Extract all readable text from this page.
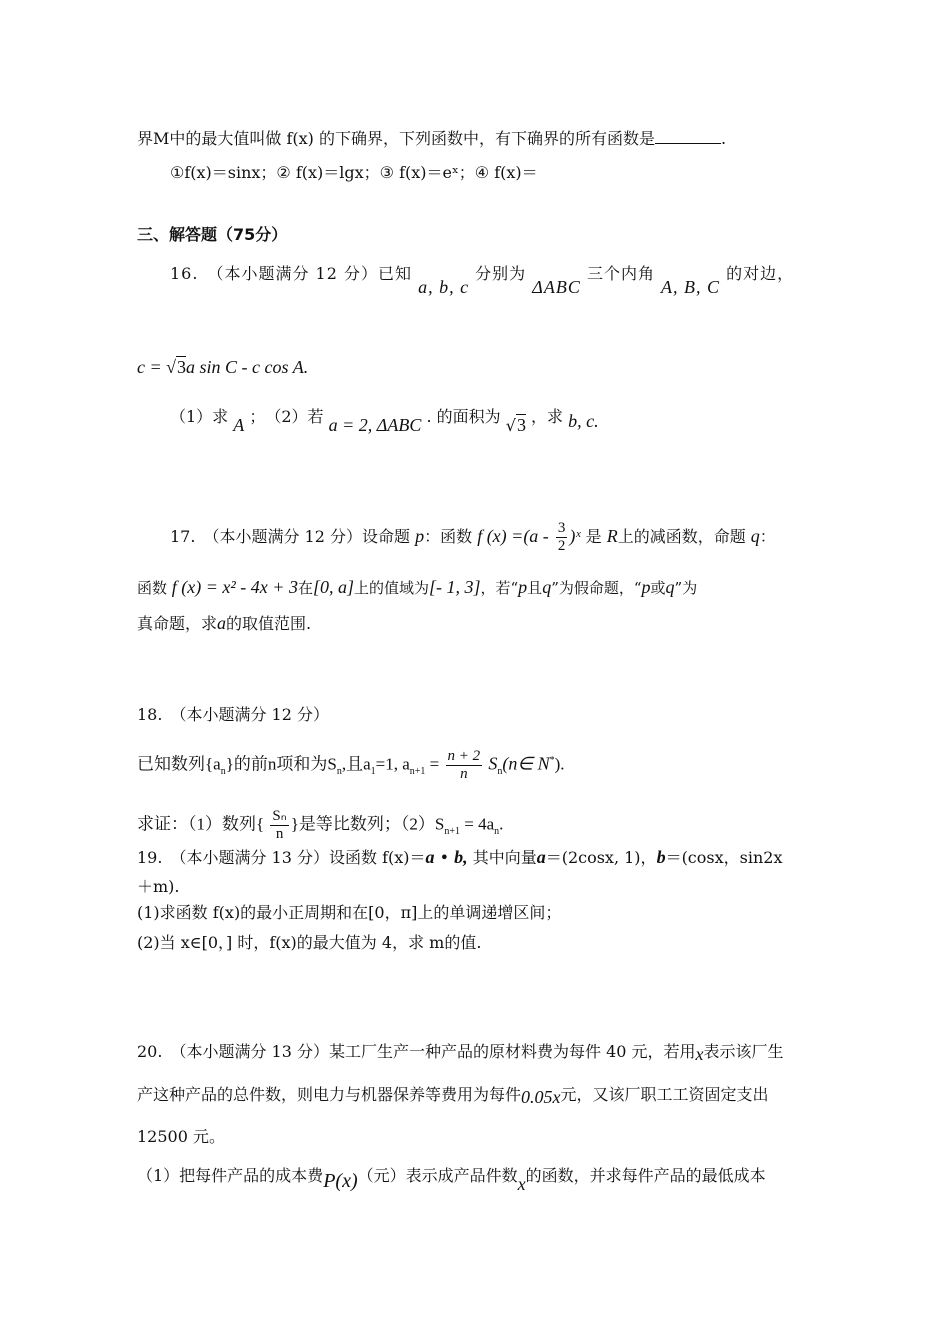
界M中的最大值叫做 f(x) 的下确界，下列函数中，有下确界的所有函数是	.
①f(x)＝sinx；② f(x)＝lgx；③ f(x)＝eˣ；④ f(x)＝
三、解答题（75分）
16.　（本小题满分 12 分）已知 a, b, c 分别为 ΔABC 三个内角 A, B, C 的对边，
c = √3a sin C - c cos A.
（1）求 A ；　（2）若 a = 2, ΔABC . 的面积为 √3 ，求 b, c.
17.　（本小题满分 12 分）设命题 p：函数 f $(x) =(a - \frac{3}{2}$ )ˣ 是 R上的减函数，命题 q：
函数 f (x) = x² - 4x + 3在[0, a]上的值域为[- 1, 3]，若“p且q”为假命题，“p或q”为
真命题，求a的取值范围.
18.　（本小题满分 12 分）
已知数列$\{a_n\}$的前n项和为$S_n$,且$a_1=1$, $a_{n+1} = \frac{n + 2}{n}$ $S_n(n\in$ N*).
求证：（1）数列{ $\frac{\text{Sₙ}}{n}$ }是等比数列；$(2)S_{n+1} = 4a_n$.
19.　（本小题满分 13 分）设函数 f(x)＝a • b, 其中向量a＝(2cosx, 1)，b＝(cosx，sin2x
＋m).
(1)求函数 f(x)的最小正周期和在[0，π]上的单调递增区间；
(2)当 x∈[0，] 时，f(x)的最大值为 4，求 m的值.
20.　（本小题满分 13 分）某工厂生产一种产品的原材料费为每件 40 元，若用x表示该厂生
产这种产品的总件数，则电力与机器保养等费用为每件0.05x元，又该厂职工工资固定支出
12500 元。
（1）把每件产品的成本费P(x)（元）表示成产品件数x的函数，并求每件产品的最低成本
